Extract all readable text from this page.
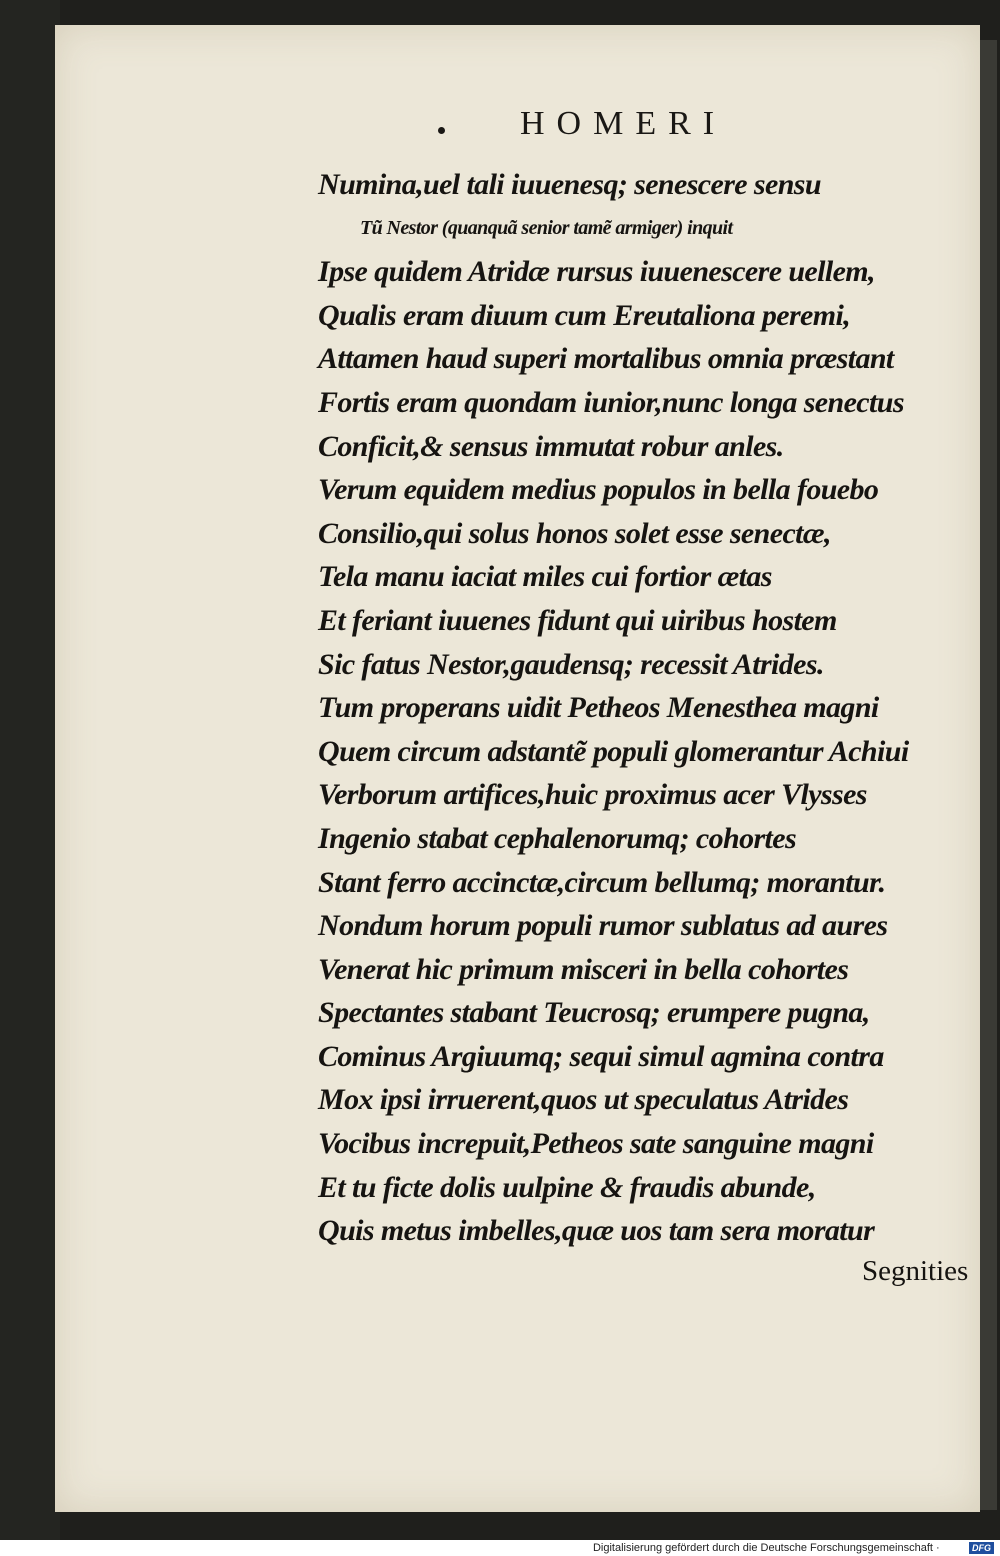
HOMERI
Numina,uel tali iuuenesq; senescere sensu
Tũ Nestor (quanquã senior tamẽ armiger) inquit
Ipse quidem Atridæ rursus iuuenescere uellem,
Qualis eram diuum cum Ereutaliona peremi,
Attamen haud superi mortalibus omnia præstant
Fortis eram quondam iunior,nunc longa senectus
Conficit,& sensus immutat robur anles.
Verum equidem medius populos in bella fouebo
Consilio,qui solus honos solet esse senectæ,
Tela manu iaciat miles cui fortior ætas
Et feriant iuuenes fidunt qui uiribus hostem
Sic fatus Nestor,gaudensq; recessit Atrides.
Tum properans uidit Petheos Menesthea magni
Quem circum adstantẽ populi glomerantur Achiui
Verborum artifices,huic proximus acer Vlysses
Ingenio stabat cephalenorumq; cohortes
Stant ferro accinctæ,circum bellumq; morantur.
Nondum horum populi rumor sublatus ad aures
Venerat hic primum misceri in bella cohortes
Spectantes stabant Teucrosq; erumpere pugna,
Cominus Argiuumq; sequi simul agmina contra
Mox ipsi irruerent,quos ut speculatus Atrides
Vocibus increpuit,Petheos sate sanguine magni
Et tu ficte dolis uulpine & fraudis abunde,
Quis metus imbelles,quæ uos tam sera moratur
Segnities
Digitalisierung gefördert durch die Deutsche Forschungsgemeinschaft ·	DFG
